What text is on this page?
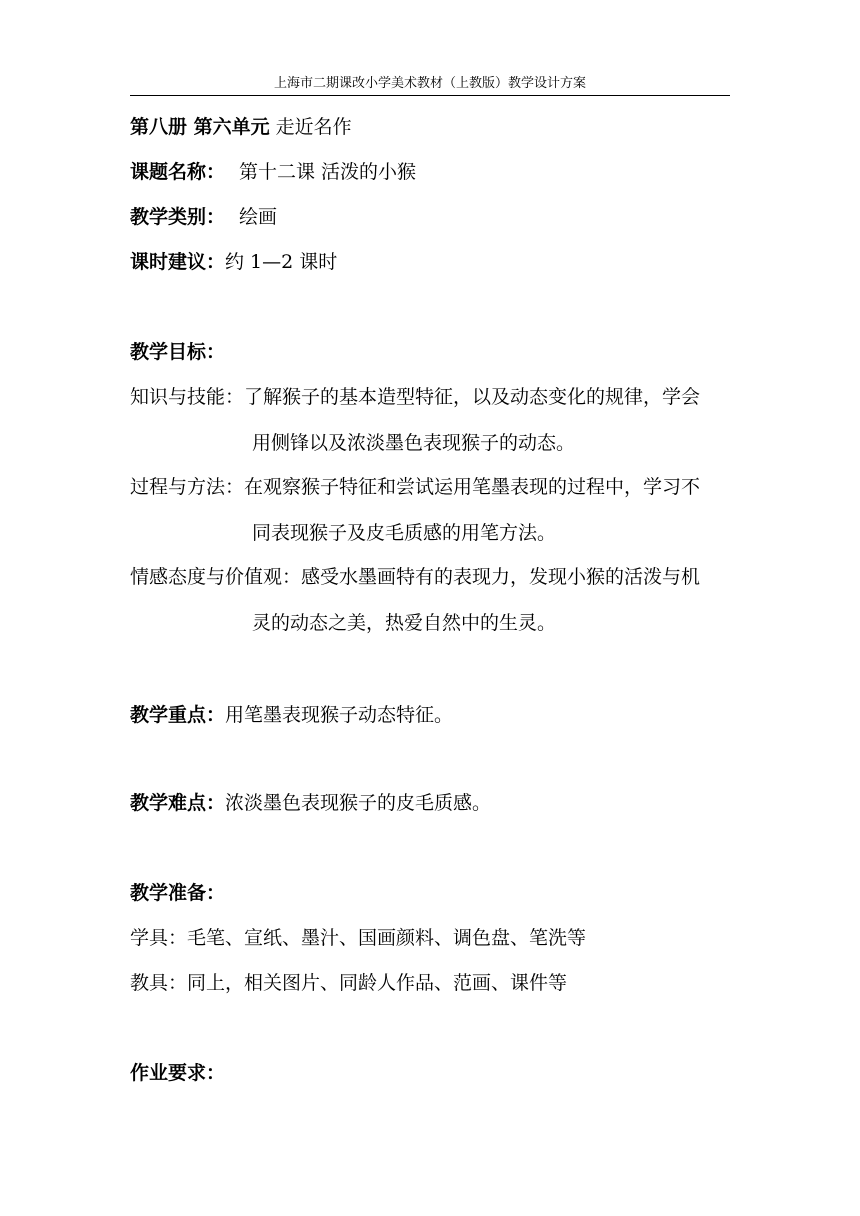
上海市二期课改小学美术教材（上教版）教学设计方案
第八册 第六单元 走近名作
课题名称： 第十二课 活泼的小猴
教学类别： 绘画
课时建议：约 1—2 课时
教学目标：
知识与技能：了解猴子的基本造型特征，以及动态变化的规律，学会
用侧锋以及浓淡墨色表现猴子的动态。
过程与方法：在观察猴子特征和尝试运用笔墨表现的过程中，学习不
同表现猴子及皮毛质感的用笔方法。
情感态度与价值观：感受水墨画特有的表现力，发现小猴的活泼与机
灵的动态之美，热爱自然中的生灵。
教学重点：用笔墨表现猴子动态特征。
教学难点：浓淡墨色表现猴子的皮毛质感。
教学准备：
学具：毛笔、宣纸、墨汁、国画颜料、调色盘、笔洗等
教具：同上，相关图片、同龄人作品、范画、课件等
作业要求：
